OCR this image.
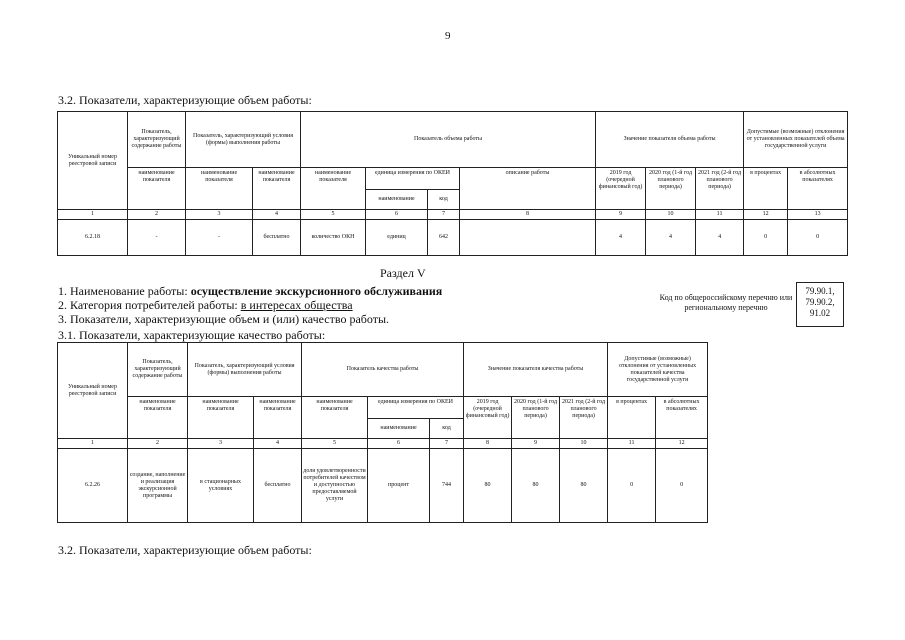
9
3.2. Показатели, характеризующие объем работы:
Уникальный номер реестровой записи	Показатель, характеризующий содержание работы	Показатель, характеризующий условия (формы) выполнения работы		Показатель объема работы				Значение показателя объема работы			Допустимые (возможные) отклонения от установленных показателей объема государственной услуги	
	наименование показателя	наименование показателя	наименование показателя	наименование показателя	единица измерения по ОКЕИ		описание работы	2019 год (очередной финансовый год)	2020 год (1-й год планового периода)	2021 год (2-й год планового периода)	в процентах	в абсолютных показателях
					наименование	код						
1	2	3	4	5	6	7	8	9	10	11	12	13
6.2.18	-	-	бесплатно	количество ОКН	единиц	642		4	4	4	0	0
Раздел V
1. Наименование работы: осуществление экскурсионного обслуживания
2. Категория потребителей работы: в интересах общества
3. Показатели, характеризующие объем и (или) качество работы.
Код по общероссийскому перечню или региональному перечню
79.90.1,
79.90.2,
91.02
3.1. Показатели, характеризующие качество работы:
Уникальный номер реестровой записи	Показатель, характеризующий содержание работы	Показатель, характеризующий условия (формы) выполнения работы		Показатель качества работы			Значение показателя качества работы			Допустимые (возможные) отклонения от установленных показателей качества государственной услуги	
	наименование показателя	наименование показателя	наименование показателя	наименование показателя	единица измерения по ОКЕИ		2019 год (очередной финансовый год)	2020 год (1-й год планового периода)	2021 год (2-й год планового периода)	в процентах	в абсолютных показателях
					наименование	код					
1	2	3	4	5	6	7	8	9	10	11	12
6.2.26	создание, наполнение и реализация экскурсионной программы	в стационарных условиях	бесплатно	доля удовлетворенности потребителей качеством и доступностью предоставляемой услуги	процент	744	80	80	80	0	0
3.2. Показатели, характеризующие объем работы:
